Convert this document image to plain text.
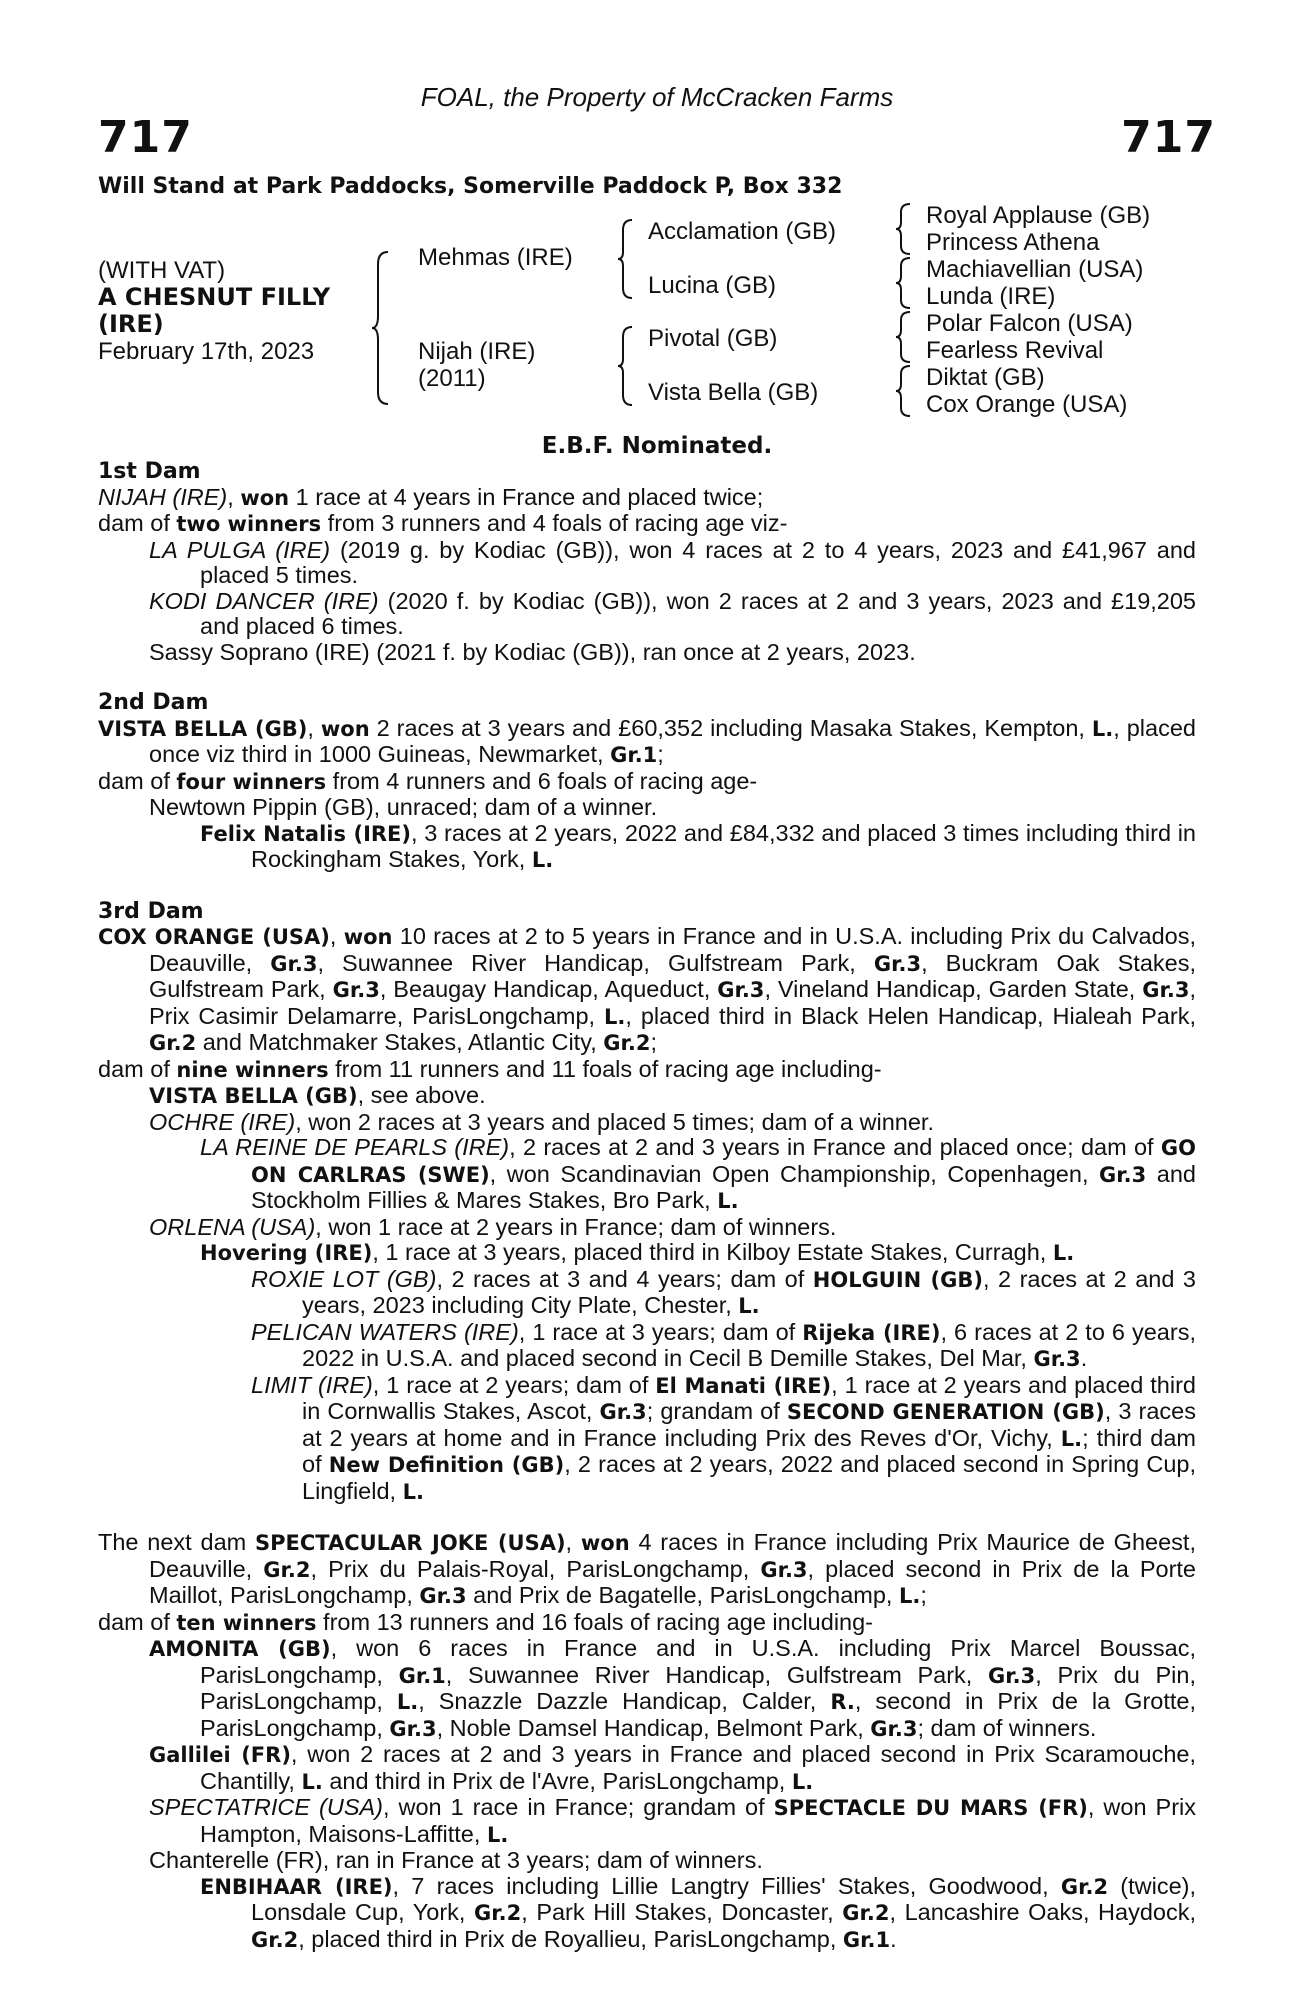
FOAL, the Property of McCracken Farms
717	717
Will Stand at Park Paddocks, Somerville Paddock P, Box 332
(WITH VAT)
A CHESNUT FILLY
(IRE)
February 17th, 2023
Mehmas (IRE)
Nijah (IRE)
(2011)
Acclamation (GB)
Lucina (GB)
Pivotal (GB)
Vista Bella (GB)
Royal Applause (GB)
Princess Athena
Machiavellian (USA)
Lunda (IRE)
Polar Falcon (USA)
Fearless Revival
Diktat (GB)
Cox Orange (USA)
E.B.F. Nominated.

1st Dam

NIJAH (IRE), won 1 race at 4 years in France and placed twice;

dam of two winners from 3 runners and 4 foals of racing age viz-

LA PULGA (IRE) (2019 g. by Kodiac (GB)), won 4 races at 2 to 4 years, 2023 and £41,967 and placed 5 times.

KODI DANCER (IRE) (2020 f. by Kodiac (GB)), won 2 races at 2 and 3 years, 2023 and £19,205 and placed 6 times.

Sassy Soprano (IRE) (2021 f. by Kodiac (GB)), ran once at 2 years, 2023.

2nd Dam

VISTA BELLA (GB), won 2 races at 3 years and £60,352 including Masaka Stakes, Kempton, L., placed once viz third in 1000 Guineas, Newmarket, Gr.1;

dam of four winners from 4 runners and 6 foals of racing age-

Newtown Pippin (GB), unraced; dam of a winner.

Felix Natalis (IRE), 3 races at 2 years, 2022 and £84,332 and placed 3 times including third in Rockingham Stakes, York, L.

3rd Dam

COX ORANGE (USA), won 10 races at 2 to 5 years in France and in U.S.A. including Prix du Calvados, Deauville, Gr.3, Suwannee River Handicap, Gulfstream Park, Gr.3, Buckram Oak Stakes, Gulfstream Park, Gr.3, Beaugay Handicap, Aqueduct, Gr.3, Vineland Handicap, Garden State, Gr.3, Prix Casimir Delamarre, ParisLongchamp, L., placed third in Black Helen Handicap, Hialeah Park, Gr.2 and Matchmaker Stakes, Atlantic City, Gr.2;

dam of nine winners from 11 runners and 11 foals of racing age including-

VISTA BELLA (GB), see above.

OCHRE (IRE), won 2 races at 3 years and placed 5 times; dam of a winner.

LA REINE DE PEARLS (IRE), 2 races at 2 and 3 years in France and placed once; dam of GO ON CARLRAS (SWE), won Scandinavian Open Championship, Copenhagen, Gr.3 and Stockholm Fillies & Mares Stakes, Bro Park, L.

ORLENA (USA), won 1 race at 2 years in France; dam of winners.

Hovering (IRE), 1 race at 3 years, placed third in Kilboy Estate Stakes, Curragh, L.

ROXIE LOT (GB), 2 races at 3 and 4 years; dam of HOLGUIN (GB), 2 races at 2 and 3 years, 2023 including City Plate, Chester, L.

PELICAN WATERS (IRE), 1 race at 3 years; dam of Rijeka (IRE), 6 races at 2 to 6 years, 2022 in U.S.A. and placed second in Cecil B Demille Stakes, Del Mar, Gr.3.

LIMIT (IRE), 1 race at 2 years; dam of El Manati (IRE), 1 race at 2 years and placed third in Cornwallis Stakes, Ascot, Gr.3; grandam of SECOND GENERATION (GB), 3 races at 2 years at home and in France including Prix des Reves d'Or, Vichy, L.; third dam of New Definition (GB), 2 races at 2 years, 2022 and placed second in Spring Cup, Lingfield, L.

The next dam SPECTACULAR JOKE (USA), won 4 races in France including Prix Maurice de Gheest, Deauville, Gr.2, Prix du Palais-Royal, ParisLongchamp, Gr.3, placed second in Prix de la Porte Maillot, ParisLongchamp, Gr.3 and Prix de Bagatelle, ParisLongchamp, L.;

dam of ten winners from 13 runners and 16 foals of racing age including-

AMONITA (GB), won 6 races in France and in U.S.A. including Prix Marcel Boussac, ParisLongchamp, Gr.1, Suwannee River Handicap, Gulfstream Park, Gr.3, Prix du Pin, ParisLongchamp, L., Snazzle Dazzle Handicap, Calder, R., second in Prix de la Grotte, ParisLongchamp, Gr.3, Noble Damsel Handicap, Belmont Park, Gr.3; dam of winners.

Gallilei (FR), won 2 races at 2 and 3 years in France and placed second in Prix Scaramouche, Chantilly, L. and third in Prix de l'Avre, ParisLongchamp, L.

SPECTATRICE (USA), won 1 race in France; grandam of SPECTACLE DU MARS (FR), won Prix Hampton, Maisons-Laffitte, L.

Chanterelle (FR), ran in France at 3 years; dam of winners.

ENBIHAAR (IRE), 7 races including Lillie Langtry Fillies' Stakes, Goodwood, Gr.2 (twice), Lonsdale Cup, York, Gr.2, Park Hill Stakes, Doncaster, Gr.2, Lancashire Oaks, Haydock, Gr.2, placed third in Prix de Royallieu, ParisLongchamp, Gr.1.
